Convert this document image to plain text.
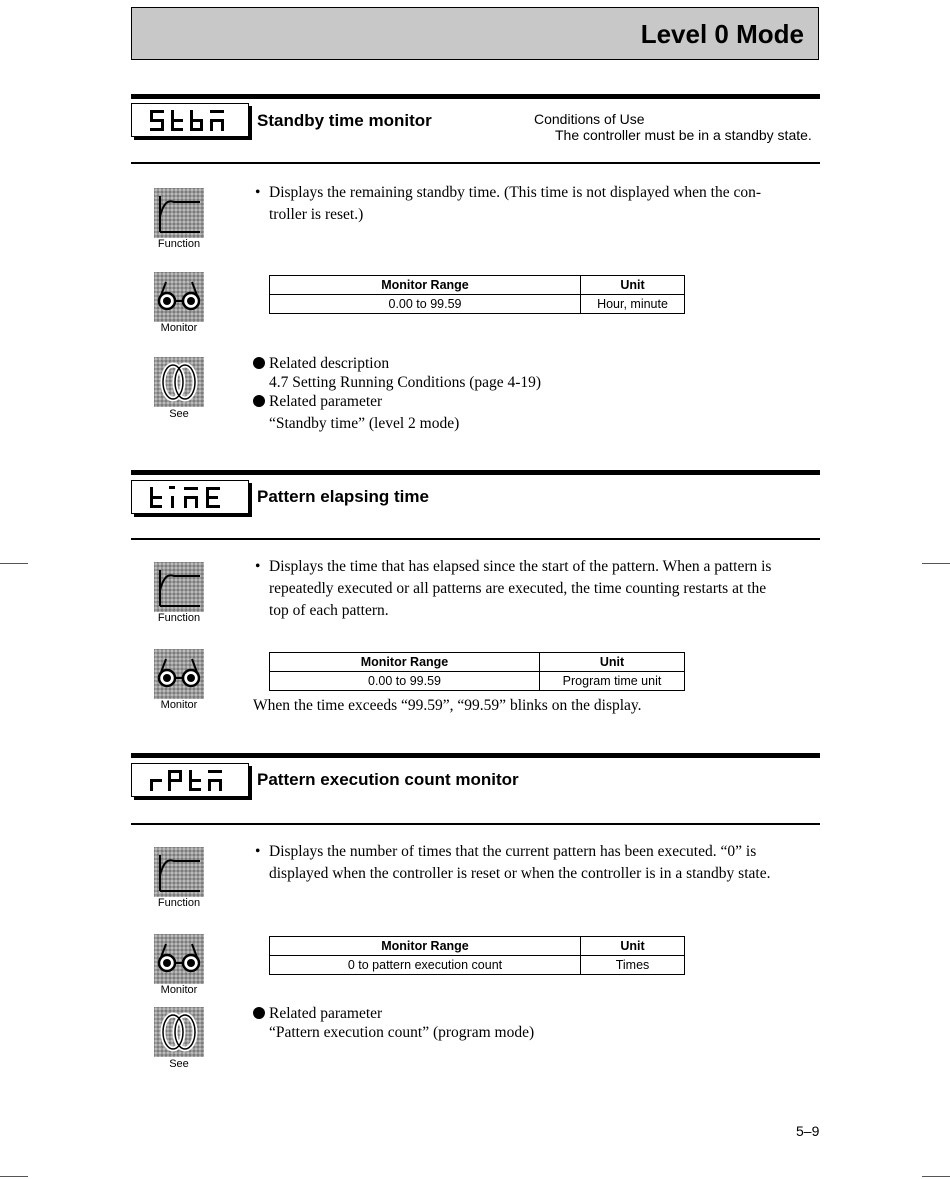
Level 0 Mode
Standby time monitor	Conditions of Use
The controller must be in a standby state.
Function
• Displays the remaining standby time. (This time is not displayed when the con-
troller is reset.)
Monitor
Monitor Range	Unit
0.00 to 99.59	Hour, minute
See
Related description
4.7 Setting Running Conditions (page 4-19)
Related parameter
“Standby time” (level 2 mode)
Pattern elapsing time
Function
• Displays the time that has elapsed since the start of the pattern. When a pattern is
repeatedly executed or all patterns are executed, the time counting restarts at the
top of each pattern.
Monitor
Monitor Range	Unit
0.00 to 99.59	Program time unit
When the time exceeds “99.59”, “99.59” blinks on the display.
Pattern execution count monitor
Function
• Displays the number of times that the current pattern has been executed. “0” is
displayed when the controller is reset or when the controller is in a standby state.
Monitor
Monitor Range	Unit
0 to pattern execution count	Times
See
Related parameter
“Pattern execution count” (program mode)
5–9
